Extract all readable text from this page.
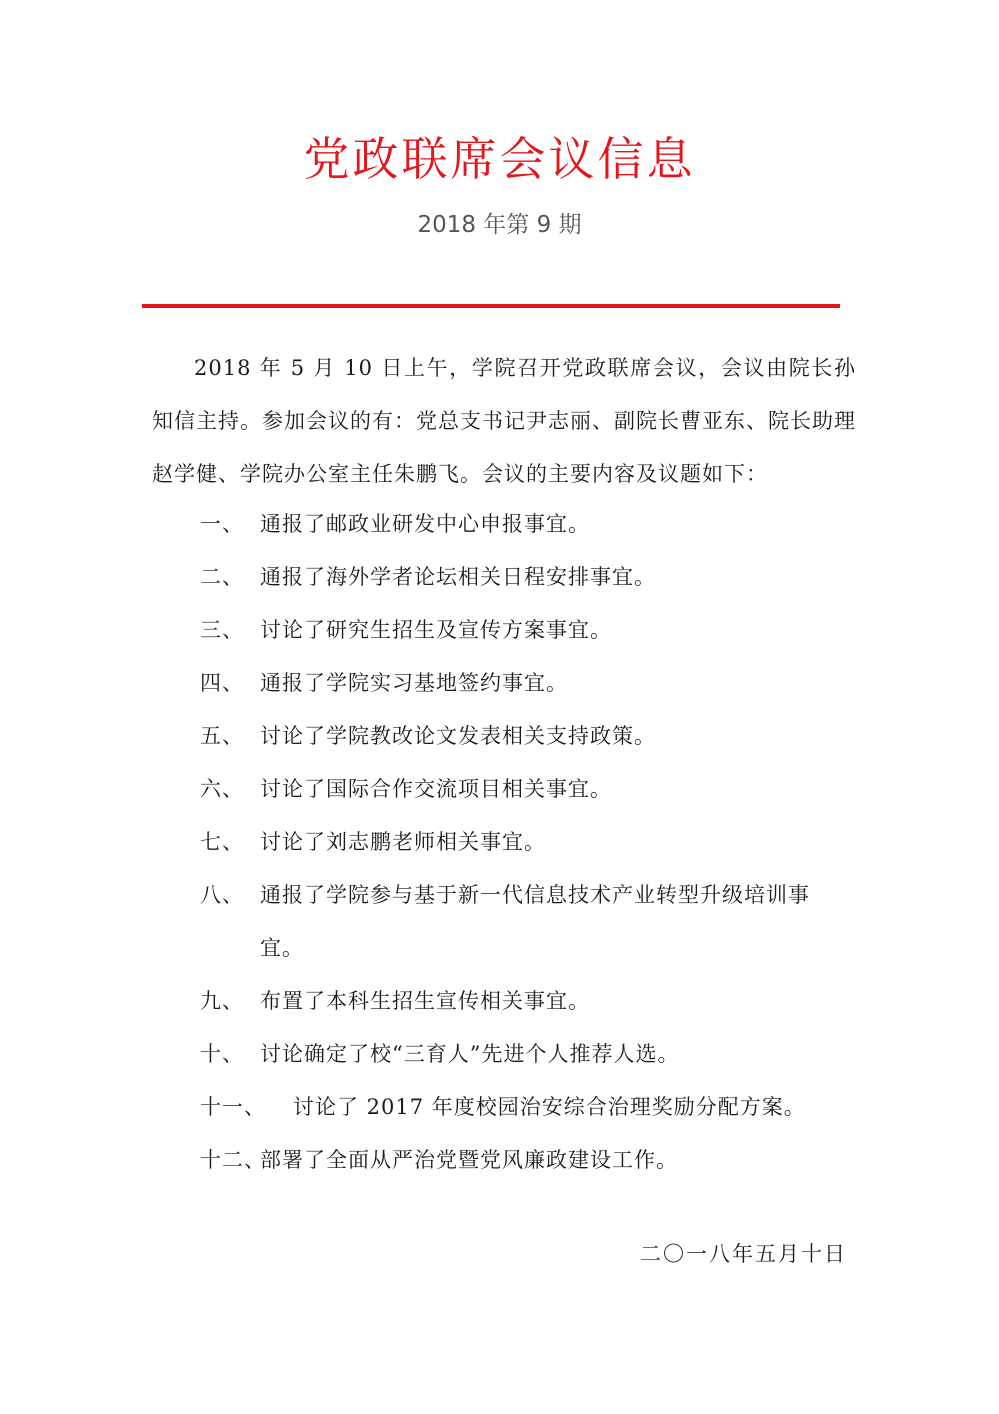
党政联席会议信息
2018 年第 9 期

2018 年 5 月 10 日上午，学院召开党政联席会议，会议由院长孙知信主持。参加会议的有：党总支书记尹志丽、副院长曹亚东、院长助理赵学健、学院办公室主任朱鹏飞。会议的主要内容及议题如下：

一、 通报了邮政业研发中心申报事宜。
二、 通报了海外学者论坛相关日程安排事宜。
三、 讨论了研究生招生及宣传方案事宜。
四、 通报了学院实习基地签约事宜。
五、 讨论了学院教改论文发表相关支持政策。
六、 讨论了国际合作交流项目相关事宜。
七、 讨论了刘志鹏老师相关事宜。
八、 通报了学院参与基于新一代信息技术产业转型升级培训事宜。
九、 布置了本科生招生宣传相关事宜。
十、 讨论确定了校“三育人”先进个人推荐人选。
十一、	讨论了 2017 年度校园治安综合治理奖励分配方案。
十二、
部署了全面从严治党暨党风廉政建设工作。
二〇一八年五月十日
